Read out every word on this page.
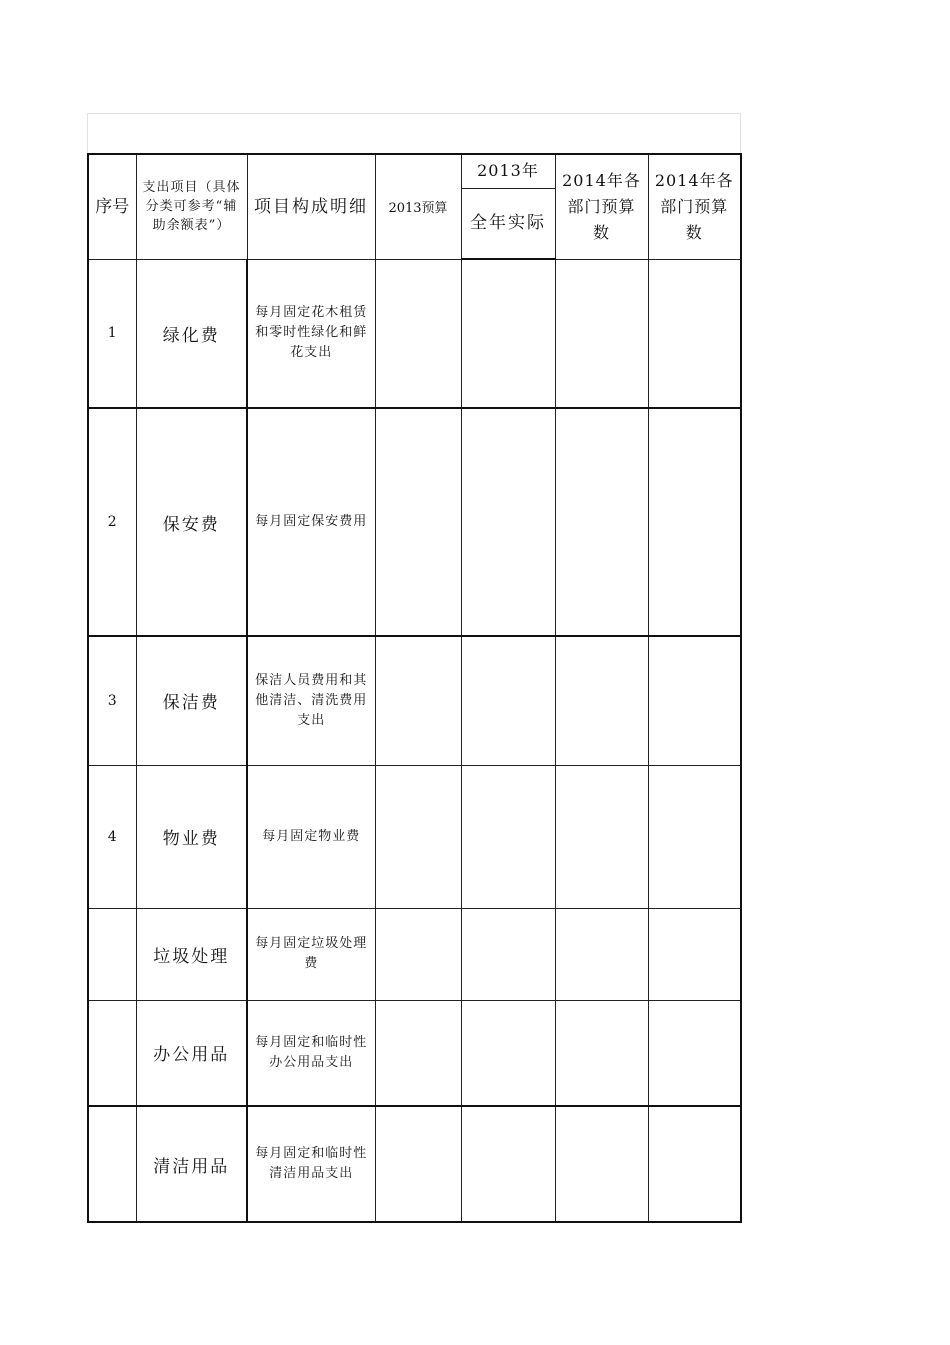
序号	支出项目（具体分类可参考“辅助余额表”）	项目构成明细	2013预算	2013年	2014年各部门预算数	2014年各部门预算数
				全年实际		
1	绿化费	每月固定花木租赁和零时性绿化和鲜花支出				
2	保安费	每月固定保安费用				
3	保洁费	保洁人员费用和其他清洁、清洗费用支出				
4	物业费	每月固定物业费				
	垃圾处理	每月固定垃圾处理费				
	办公用品	每月固定和临时性办公用品支出				
	清洁用品	每月固定和临时性清洁用品支出				
